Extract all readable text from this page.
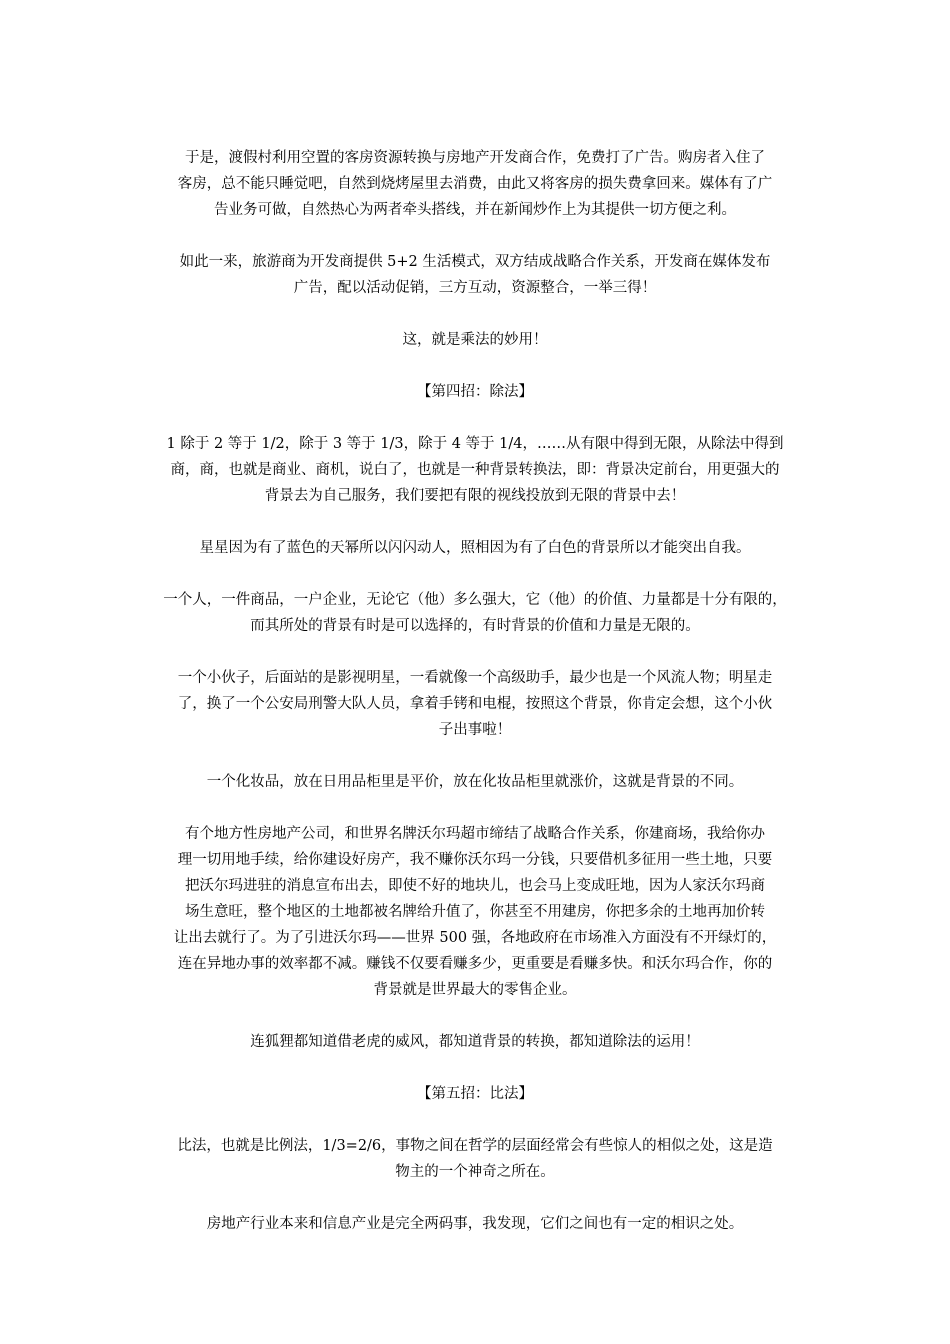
于是，渡假村利用空置的客房资源转换与房地产开发商合作，免费打了广告。购房者入住了
客房，总不能只睡觉吧，自然到烧烤屋里去消费，由此又将客房的损失费拿回来。媒体有了广
告业务可做，自然热心为两者牵头搭线，并在新闻炒作上为其提供一切方便之利。

如此一来，旅游商为开发商提供 5+2 生活模式，双方结成战略合作关系，开发商在媒体发布
广告，配以活动促销，三方互动，资源整合，一举三得！

这，就是乘法的妙用！

【第四招：除法】

1 除于 2 等于 1/2，除于 3 等于 1/3，除于 4 等于 1/4，……从有限中得到无限，从除法中得到
商，商，也就是商业、商机，说白了，也就是一种背景转换法，即：背景决定前台，用更强大的
背景去为自己服务，我们要把有限的视线投放到无限的背景中去！

星星因为有了蓝色的天幂所以闪闪动人，照相因为有了白色的背景所以才能突出自我。

一个人，一件商品，一户企业，无论它（他）多么强大，它（他）的价值、力量都是十分有限的，
而其所处的背景有时是可以选择的，有时背景的价值和力量是无限的。

一个小伙子，后面站的是影视明星，一看就像一个高级助手，最少也是一个风流人物；明星走
了，换了一个公安局刑警大队人员，拿着手铐和电棍，按照这个背景，你肯定会想，这个小伙
子出事啦！

一个化妆品，放在日用品柜里是平价，放在化妆品柜里就涨价，这就是背景的不同。

有个地方性房地产公司，和世界名牌沃尔玛超市缔结了战略合作关系，你建商场，我给你办
理一切用地手续，给你建设好房产，我不赚你沃尔玛一分钱，只要借机多征用一些土地，只要
把沃尔玛进驻的消息宣布出去，即使不好的地块儿，也会马上变成旺地，因为人家沃尔玛商
场生意旺，整个地区的土地都被名牌给升值了，你甚至不用建房，你把多余的土地再加价转
让出去就行了。为了引进沃尔玛——世界 500 强，各地政府在市场准入方面没有不开绿灯的，
连在异地办事的效率都不减。赚钱不仅要看赚多少，更重要是看赚多快。和沃尔玛合作，你的
背景就是世界最大的零售企业。

连狐狸都知道借老虎的威风，都知道背景的转换，都知道除法的运用！

【第五招：比法】

比法，也就是比例法，1/3=2/6，事物之间在哲学的层面经常会有些惊人的相似之处，这是造
物主的一个神奇之所在。

房地产行业本来和信息产业是完全两码事，我发现，它们之间也有一定的相识之处。
